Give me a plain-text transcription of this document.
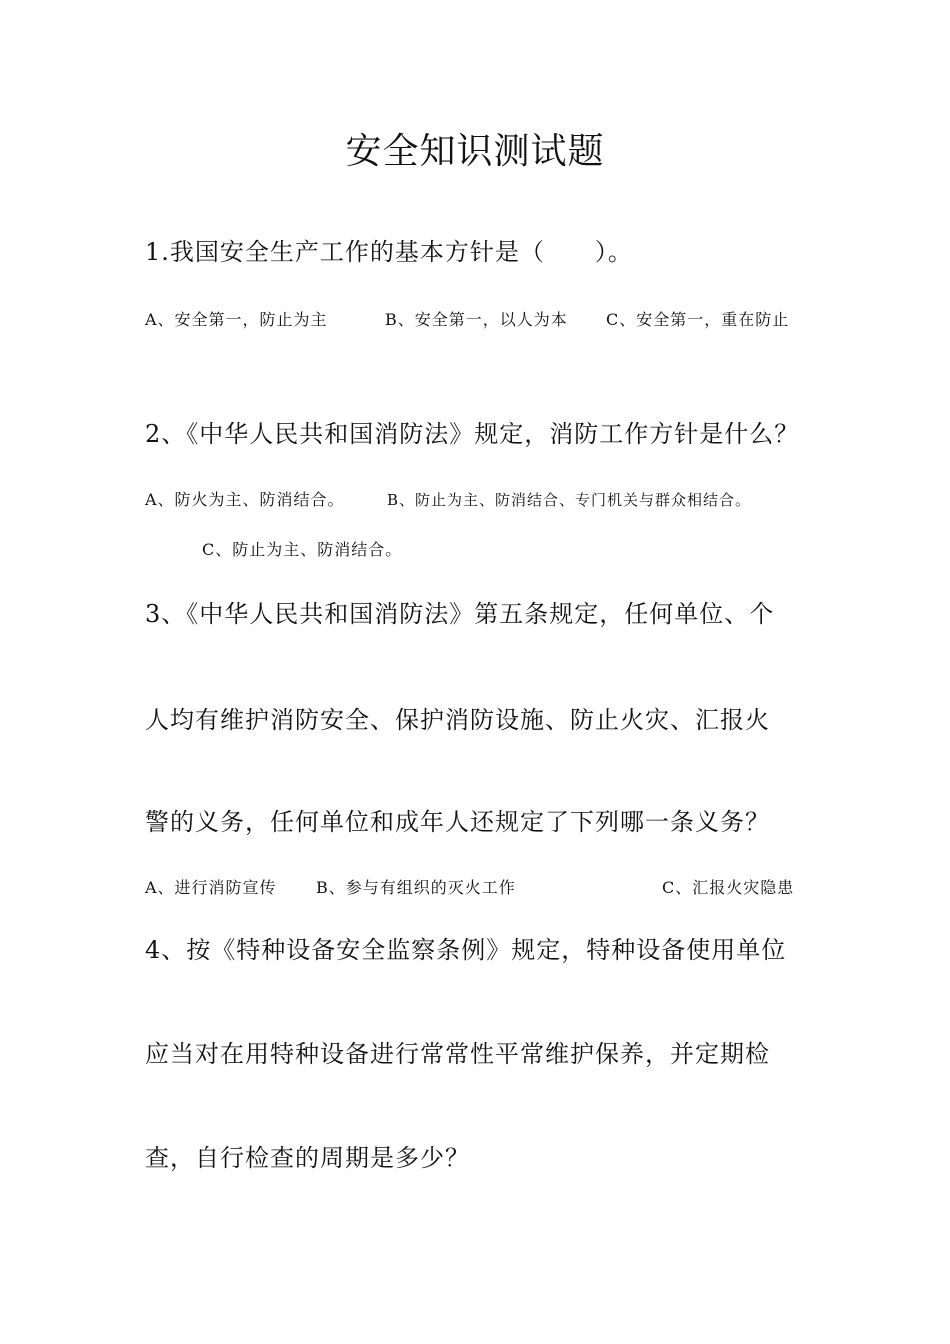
安全知识测试题
1.我国安全生产工作的基本方针是（　　）。
A、安全第一，防止为主	B、安全第一，以人为本 C、安全第一，重在防止
2、《中华人民共和国消防法》规定，消防工作方针是什么？
A、防火为主、防消结合。	B、防止为主、防消结合、专门机关与群众相结合。
C、防止为主、防消结合。
3、《中华人民共和国消防法》第五条规定，任何单位、个
人均有维护消防安全、保护消防设施、防止火灾、汇报火
警的义务，任何单位和成年人还规定了下列哪一条义务？
A、进行消防宣传 B、参与有组织的灭火工作	C、汇报火灾隐患
4、按《特种设备安全监察条例》规定，特种设备使用单位
应当对在用特种设备进行常常性平常维护保养，并定期检
查，自行检查的周期是多少？
